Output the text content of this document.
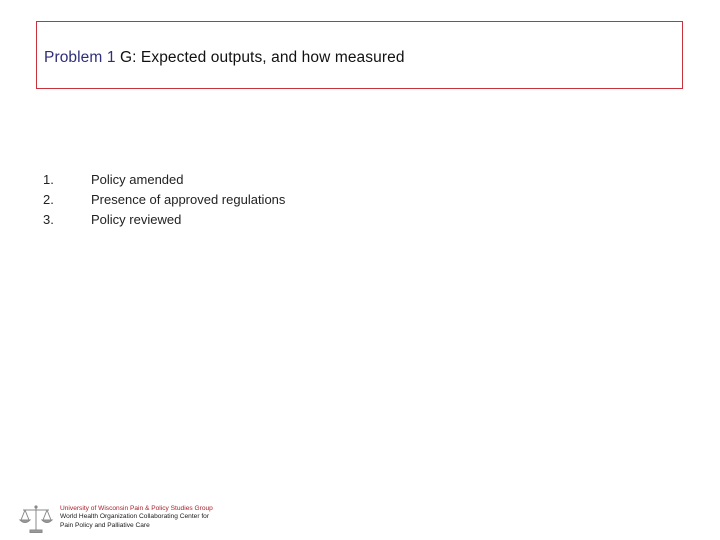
Problem 1 G: Expected outputs, and how measured
1.	Policy amended
2.	Presence of approved regulations
3.	Policy reviewed
University of Wisconsin Pain & Policy Studies Group
World Health Organization Collaborating Center for
Pain Policy and Palliative Care
